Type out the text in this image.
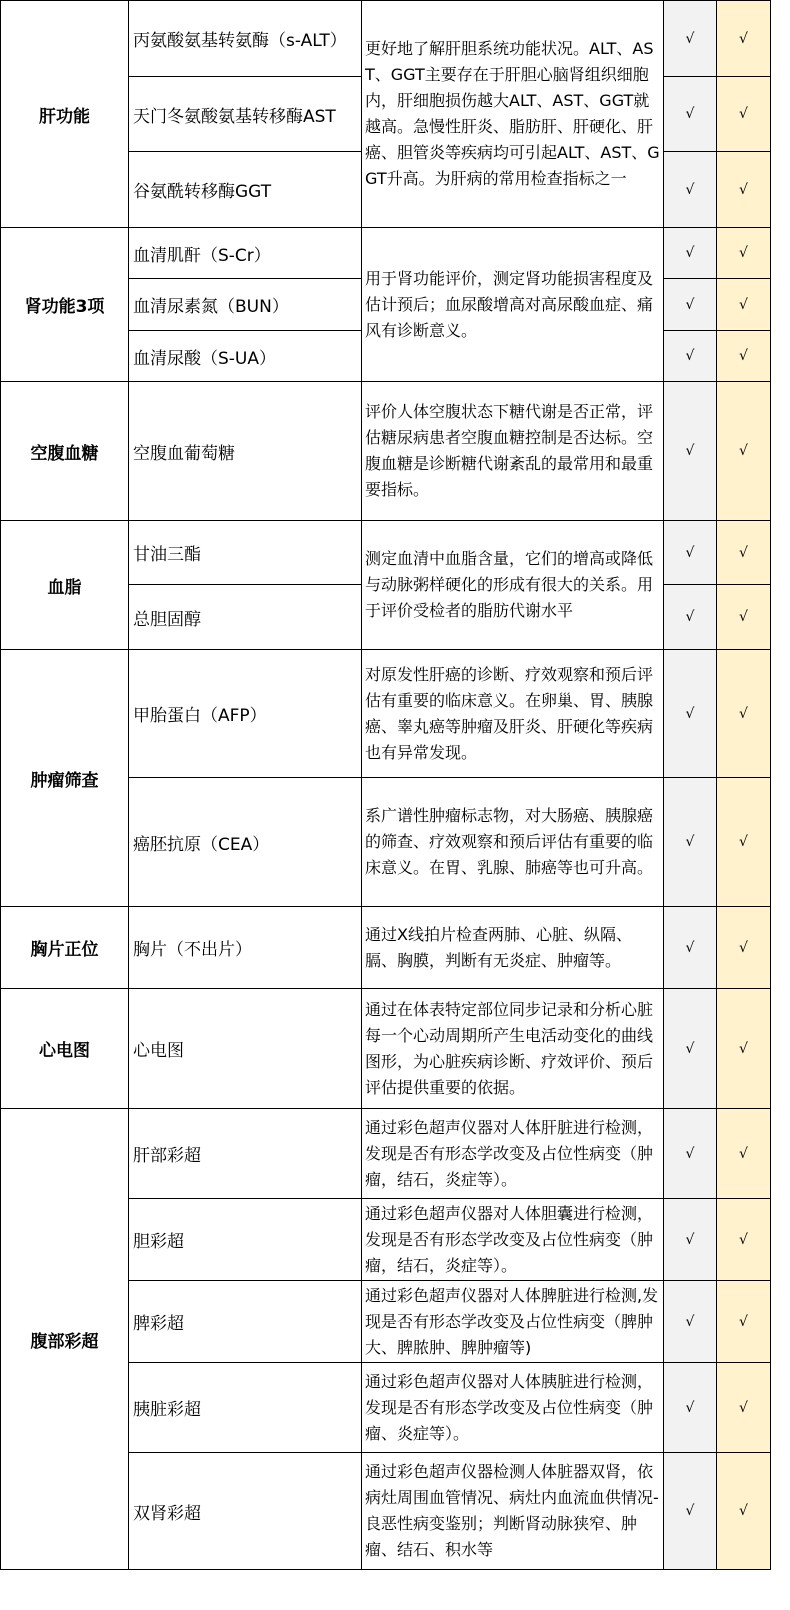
肝功能	丙氨酸氨基转氨酶（s-ALT）	更好地了解肝胆系统功能状况。ALT、AST、GGT主要存在于肝胆心脑肾组织细胞内，肝细胞损伤越大ALT、AST、GGT就越高。急慢性肝炎、脂肪肝、肝硬化、肝癌、胆管炎等疾病均可引起ALT、AST、GGT升高。为肝病的常用检查指标之一	√	√
	天门冬氨酸氨基转移酶AST		√	√
	谷氨酰转移酶GGT		√	√
肾功能3项	血清肌酐（S-Cr）	用于肾功能评价，测定肾功能损害程度及估计预后；血尿酸增高对高尿酸血症、痛风有诊断意义。	√	√
	血清尿素氮（BUN）		√	√
	血清尿酸（S-UA）		√	√
空腹血糖	空腹血葡萄糖	评价人体空腹状态下糖代谢是否正常，评估糖尿病患者空腹血糖控制是否达标。空腹血糖是诊断糖代谢紊乱的最常用和最重要指标。	√	√
血脂	甘油三酯	测定血清中血脂含量，它们的增高或降低与动脉粥样硬化的形成有很大的关系。用于评价受检者的脂肪代谢水平	√	√
	总胆固醇		√	√
肿瘤筛查	甲胎蛋白（AFP）	对原发性肝癌的诊断、疗效观察和预后评估有重要的临床意义。在卵巢、胃、胰腺癌、睾丸癌等肿瘤及肝炎、肝硬化等疾病也有异常发现。	√	√
	癌胚抗原（CEA）	系广谱性肿瘤标志物，对大肠癌、胰腺癌的筛查、疗效观察和预后评估有重要的临床意义。在胃、乳腺、肺癌等也可升高。	√	√
胸片正位	胸片（不出片）	通过X线拍片检查两肺、心脏、纵隔、膈、胸膜，判断有无炎症、肿瘤等。	√	√
心电图	心电图	通过在体表特定部位同步记录和分析心脏每一个心动周期所产生电活动变化的曲线图形，为心脏疾病诊断、疗效评价、预后评估提供重要的依据。	√	√
腹部彩超	肝部彩超	通过彩色超声仪器对人体肝脏进行检测，发现是否有形态学改变及占位性病变（肿瘤，结石，炎症等）。	√	√
	胆彩超	通过彩色超声仪器对人体胆囊进行检测，发现是否有形态学改变及占位性病变（肿瘤，结石，炎症等）。	√	√
	脾彩超	通过彩色超声仪器对人体脾脏进行检测,发现是否有形态学改变及占位性病变（脾肿大、脾脓肿、脾肿瘤等)	√	√
	胰脏彩超	通过彩色超声仪器对人体胰脏进行检测，发现是否有形态学改变及占位性病变（肿瘤、炎症等）。	√	√
	双肾彩超	通过彩色超声仪器检测人体脏器双肾，依病灶周围血管情况、病灶内血流血供情况-良恶性病变鉴别；判断肾动脉狭窄、肿瘤、结石、积水等	√	√
